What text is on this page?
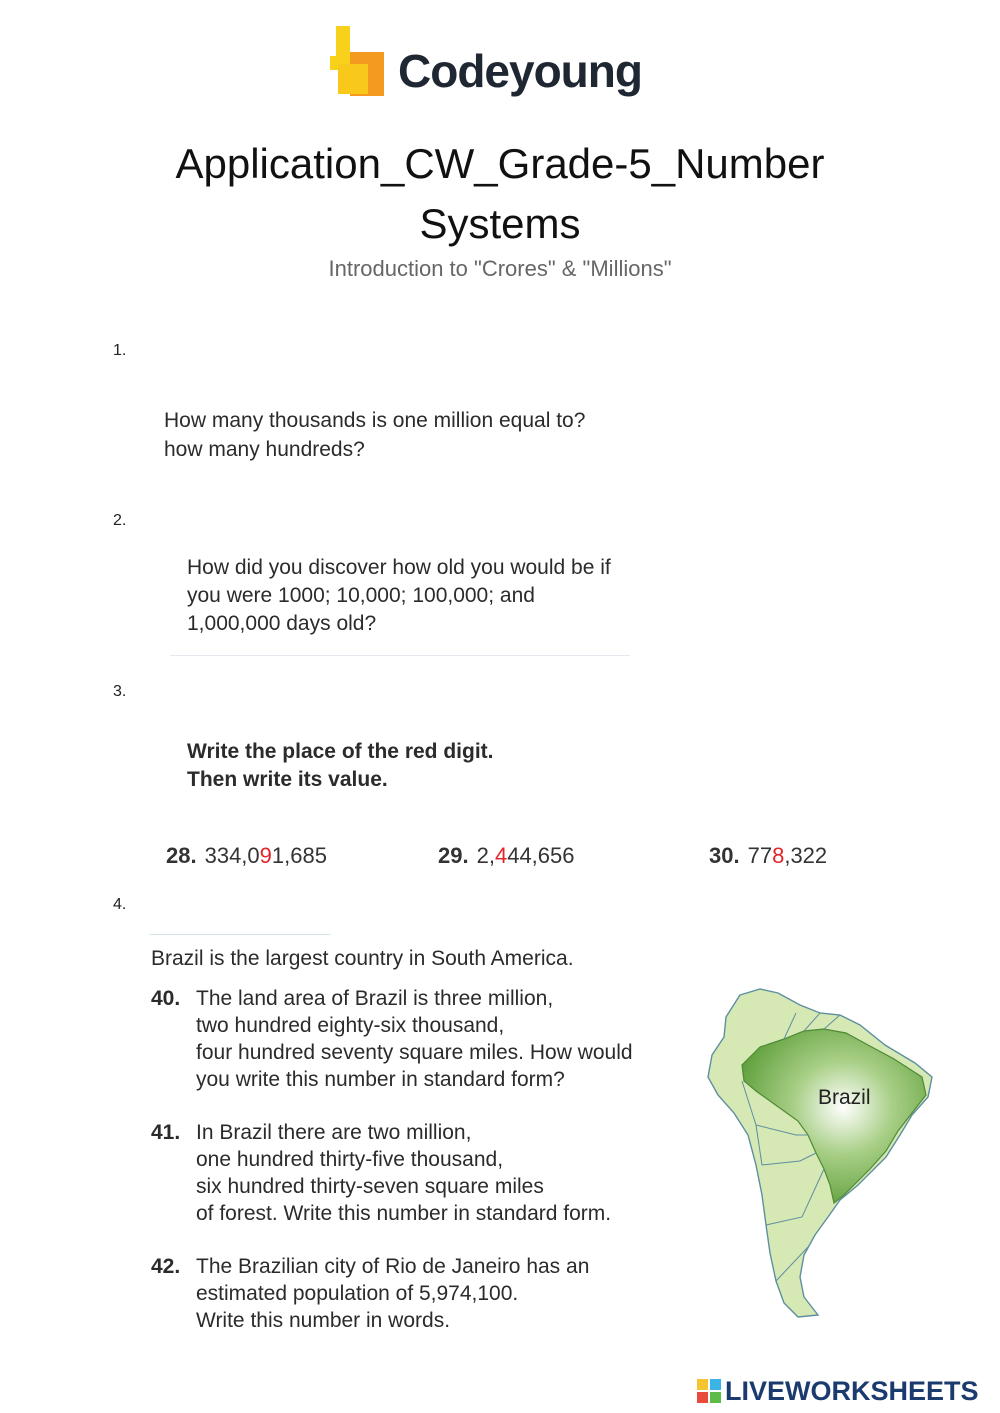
Codeyoung
Application_CW_Grade-5_Number Systems
Introduction to "Crores" & "Millions"
1.
How many thousands is one million equal to?
how many hundreds?
2.
How did you discover how old you would be if
you were 1000; 10,000; 100,000; and
1,000,000 days old?
3.
Write the place of the red digit.
Then write its value.
28. 334,091,685	29. 2,444,656	30. 778,322
4.
Brazil is the largest country in South America.
40. The land area of Brazil is three million,
two hundred eighty-six thousand,
four hundred seventy square miles. How would
you write this number in standard form?
41. In Brazil there are two million,
one hundred thirty-five thousand,
six hundred thirty-seven square miles
of forest. Write this number in standard form.
42. The Brazilian city of Rio de Janeiro has an
estimated population of 5,974,100.
Write this number in words.
Brazil
LIVEWORKSHEETS
